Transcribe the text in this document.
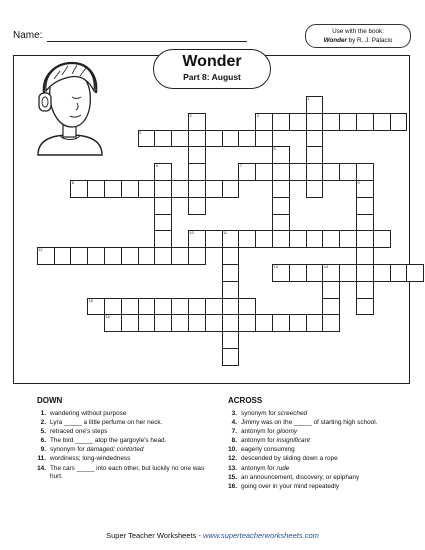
Name:	Use with the book:
Wonder by R. J. Palacio
Wonder
Part 8: August
1
2	3
4
5
6	7
8	9
10	11
12
13	14
15
16
DOWN
1. wandering without purpose
2. Lyra _____ a little perfume on her neck.
5. retraced one's steps
6. The bird _____ atop the gargoyle's head.
9. synonym for damaged; contorted
11. wordiness; long-windedness
14. The cars _____ into each other, but luckily no one was hurt.
ACROSS
3. synonym for screeched
4. Jimmy was on the _____ of starting high school.
7. antonym for gloomy
8. antonym for insignificant
10. eagerly consuming
12. descended by sliding down a rope
13. antonym for rude
15. an announcement, discovery, or epiphany
16. going over in your mind repeatedly
Super Teacher Worksheets - www.superteacherworksheets.com
